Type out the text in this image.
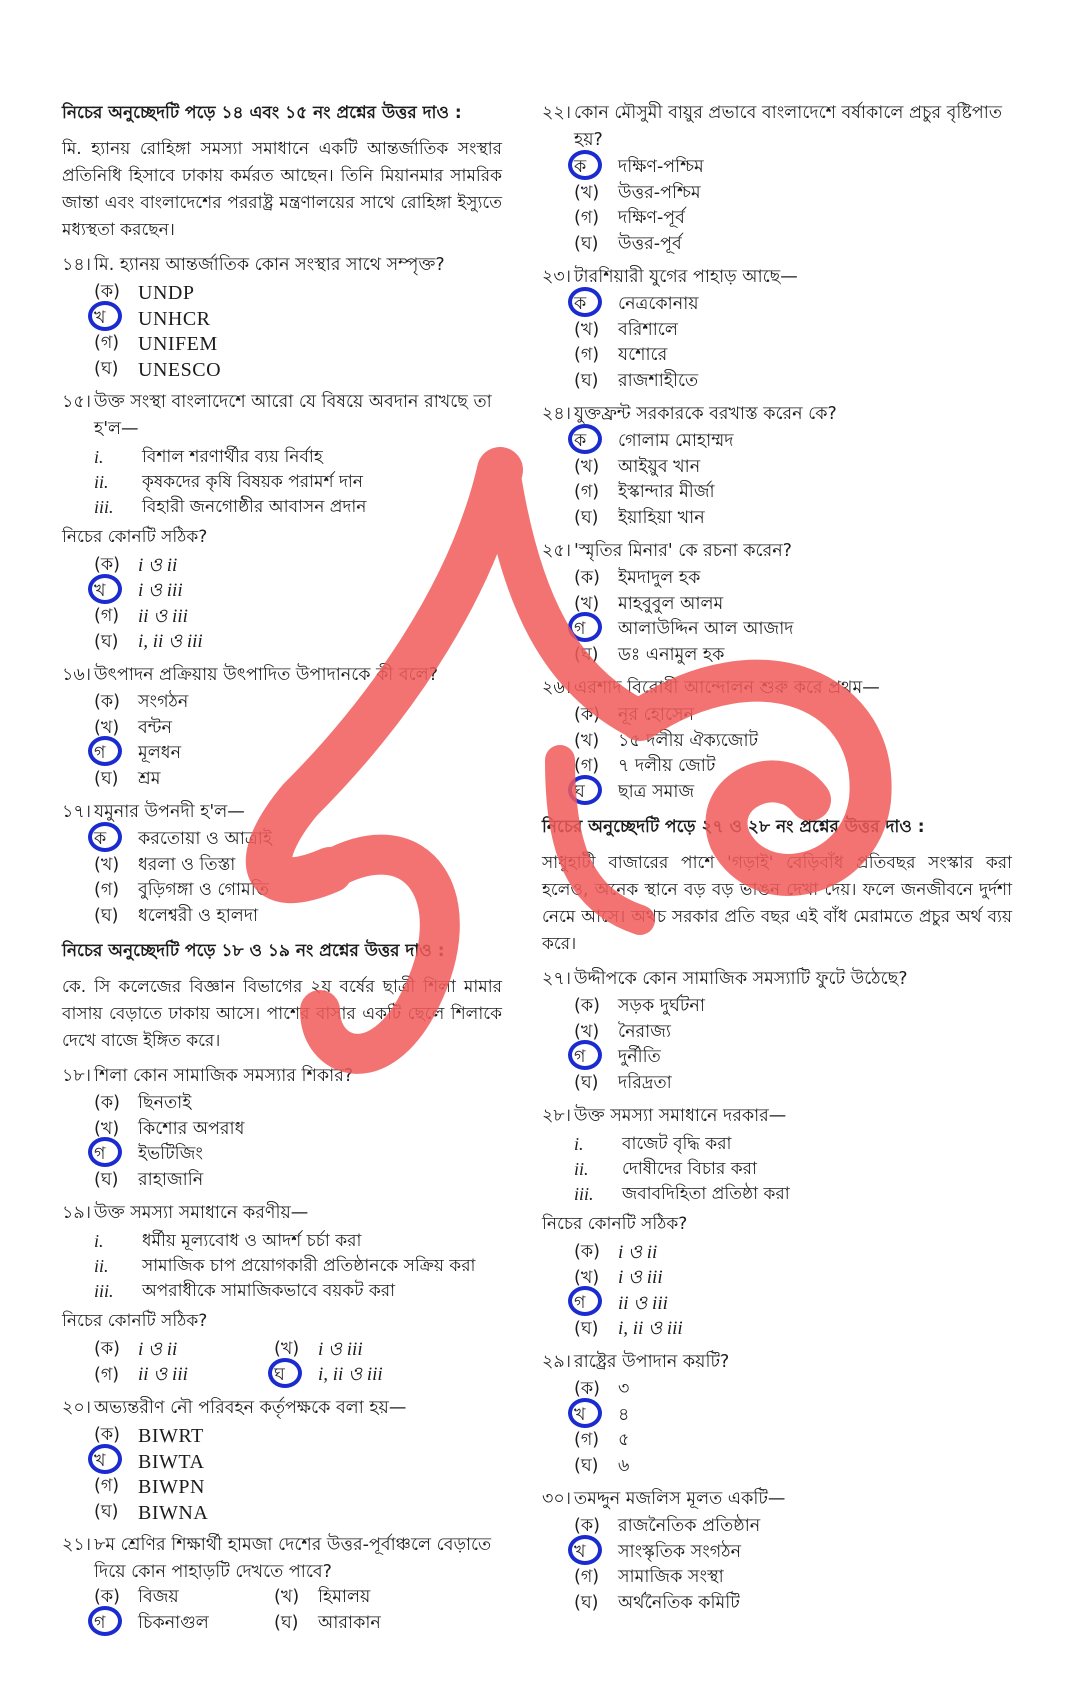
নিচের অনুচ্ছেদটি পড়ে ১৪ এবং ১৫ নং প্রশ্নের উত্তর দাও :
মি. হ্যানয় রোহিঙ্গা সমস্যা সমাধানে একটি আন্তর্জাতিক সংস্থার প্রতিনিধি হিসাবে ঢাকায় কর্মরত আছেন। তিনি মিয়ানমার সামরিক জান্তা এবং বাংলাদেশের পররাষ্ট্র মন্ত্রণালয়ের সাথে রোহিঙ্গা ইস্যুতে মধ্যস্থতা করছেন।
১৪। মি. হ্যানয় আন্তর্জাতিক কোন সংস্থার সাথে সম্পৃক্ত?
(ক) UNDP
খ UNHCR
(গ) UNIFEM
(ঘ) UNESCO
১৫। উক্ত সংস্থা বাংলাদেশে আরো যে বিষয়ে অবদান রাখছে তা হ'ল—
i.	বিশাল শরণার্থীর ব্যয় নির্বাহ
ii.	কৃষকদের কৃষি বিষয়ক পরামর্শ দান
iii.	বিহারী জনগোষ্ঠীর আবাসন প্রদান
নিচের কোনটি সঠিক?
(ক) i ও ii
খ i ও iii
(গ) ii ও iii
(ঘ)	i, ii ও iii
১৬। উৎপাদন প্রক্রিয়ায় উৎপাদিত উপাদানকে কী বলে?
(ক)	সংগঠন
(খ)	বন্টন
গ মূলধন
(ঘ)	শ্রম
১৭। যমুনার উপনদী হ'ল—
ক করতোয়া ও আত্রাই
(খ)	ধরলা ও তিস্তা
(গ)	বুড়িগঙ্গা ও গোমতি
(ঘ)	ধলেশ্বরী ও হালদা
নিচের অনুচ্ছেদটি পড়ে ১৮ ও ১৯ নং প্রশ্নের উত্তর দাও :
কে. সি কলেজের বিজ্ঞান বিভাগের ২য় বর্ষের ছাত্রী শিলা মামার বাসায় বেড়াতে ঢাকায় আসে। পাশের বাসার একটি ছেলে শিলাকে দেখে বাজে ইঙ্গিত করে।
১৮। শিলা কোন সামাজিক সমস্যার শিকার?
(ক)	ছিনতাই
(খ)	কিশোর অপরাধ
গ ইভটিজিং
(ঘ)	রাহাজানি
১৯। উক্ত সমস্যা সমাধানে করণীয়—
i.	ধর্মীয় মূল্যবোধ ও আদর্শ চর্চা করা
ii.	সামাজিক চাপ প্রয়োগকারী প্রতিষ্ঠানকে সক্রিয় করা
iii.	অপরাধীকে সামাজিকভাবে বয়কট করা
নিচের কোনটি সঠিক?
(ক) i ও ii	(খ) i ও iii
(গ) ii ও iii	ঘ i, ii ও iii
২০। অভ্যন্তরীণ নৌ পরিবহন কর্তৃপক্ষকে বলা হয়—
(ক) BIWRT
খ BIWTA
(গ) BIWPN
(ঘ) BIWNA
২১। ৮ম শ্রেণির শিক্ষার্থী হামজা দেশের উত্তর-পূর্বাঞ্চলে বেড়াতে দিয়ে কোন পাহাড়টি দেখতে পাবে?
(ক)	বিজয়	(খ)	হিমালয়
গ চিকনাগুল	(ঘ)	আরাকান
২২। কোন মৌসুমী বায়ুর প্রভাবে বাংলাদেশে বর্ষাকালে প্রচুর বৃষ্টিপাত হয়?
ক দক্ষিণ-পশ্চিম
(খ)	উত্তর-পশ্চিম
(গ)	দক্ষিণ-পূর্ব
(ঘ)	উত্তর-পূর্ব
২৩। টারশিয়ারী যুগের পাহাড় আছে—
ক নেত্রকোনায়
(খ)	বরিশালে
(গ)	যশোরে
(ঘ)	রাজশাহীতে
২৪। যুক্তফ্রন্ট সরকারকে বরখাস্ত করেন কে?
ক গোলাম মোহাম্মদ
(খ)	আইয়ুব খান
(গ)	ইস্কান্দার মীর্জা
(ঘ)	ইয়াহিয়া খান
২৫। 'স্মৃতির মিনার' কে রচনা করেন?
(ক)	ইমদাদুল হক
(খ)	মাহবুবুল আলম
গ আলাউদ্দিন আল আজাদ
(ঘ)	ডঃ এনামুল হক
২৬। এরশাদ বিরোধী আন্দোলন শুরু করে প্রথম—
(ক)	নূর হোসেন
(খ)	১৫ দলীয় ঐক্যজোট
(গ)	৭ দলীয় জোট
ঘ ছাত্র সমাজ
নিচের অনুচ্ছেদটি পড়ে ২৭ ও ২৮ নং প্রশ্নের উত্তর দাও :
সাধুহাটী বাজারের পাশে 'গড়াই' বেড়িবাঁধ প্রতিবছর সংস্কার করা হলেও, অনেক স্থানে বড় বড় ভাঙন দেখা দেয়। ফলে জনজীবনে দুর্দশা নেমে আসে। অথচ সরকার প্রতি বছর এই বাঁধ মেরামতে প্রচুর অর্থ ব্যয় করে।
২৭। উদ্দীপকে কোন সামাজিক সমস্যাটি ফুটে উঠেছে?
(ক)	সড়ক দুর্ঘটনা
(খ)	নৈরাজ্য
গ দুর্নীতি
(ঘ)	দরিদ্রতা
২৮। উক্ত সমস্যা সমাধানে দরকার—
i.	বাজেট বৃদ্ধি করা
ii.	দোষীদের বিচার করা
iii.	জবাবদিহিতা প্রতিষ্ঠা করা
নিচের কোনটি সঠিক?
(ক) i ও ii
(খ) i ও iii
গ ii ও iii
(ঘ)	i, ii ও iii
২৯। রাষ্ট্রের উপাদান কয়টি?
(ক)	৩
খ ৪
(গ)	৫
(ঘ)	৬
৩০। তমদ্দুন মজলিস মূলত একটি—
(ক)	রাজনৈতিক প্রতিষ্ঠান
খ সাংস্কৃতিক সংগঠন
(গ)	সামাজিক সংস্থা
(ঘ)	অর্থনৈতিক কমিটি
